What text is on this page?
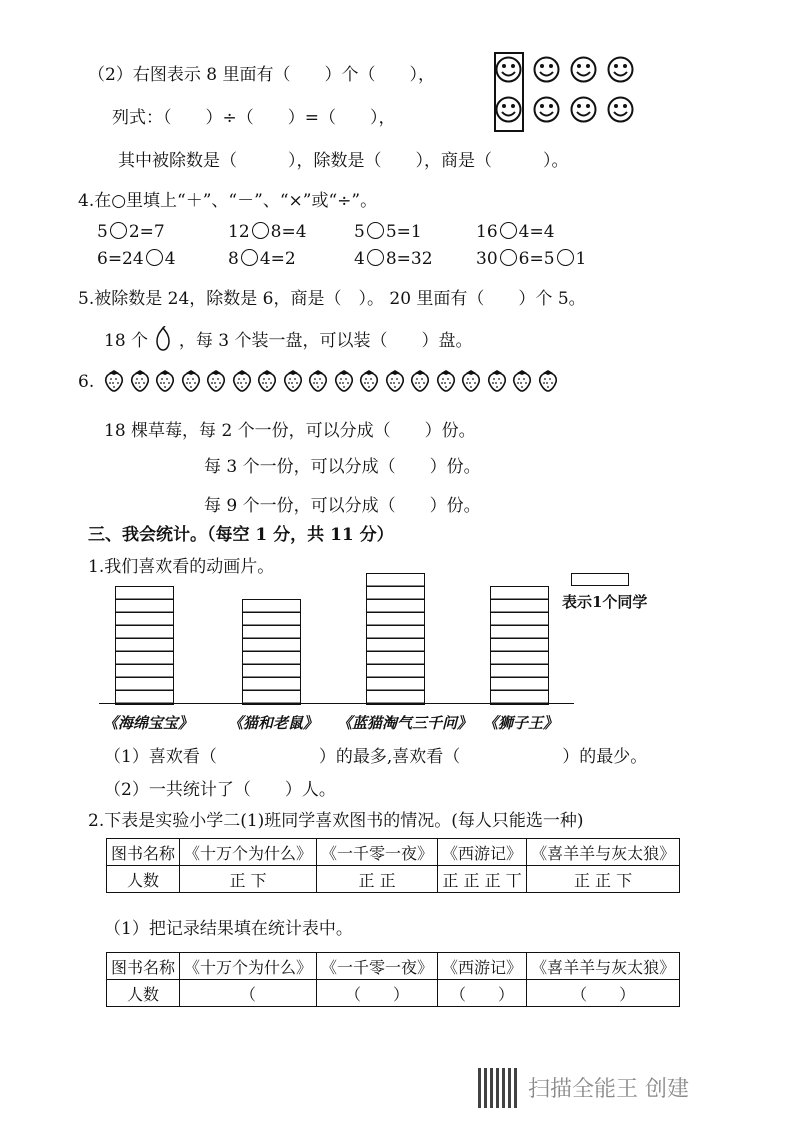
（2）右图表示 8 里面有（　　）个（　　），
列式：（　　）÷（　　）=（　　），
其中被除数是（　　　），除数是（　　），商是（　　　）。
4.在○里填上“＋”、“－”、“×”或“÷”。
5 2=7	12 8=4	5 5=1	16 4=4
6=24 4	8 4=2	4 8=32	30 6=5 1
5.被除数是 24，除数是 6，商是（　）。 20 里面有（　　）个 5。
18 个 ，每 3 个装一盘，可以装（　　）盘。
6.
18 棵草莓，每 2 个一份，可以分成（　　）份。
每 3 个一份，可以分成（　　）份。
每 9 个一份，可以分成（　　）份。
三、我会统计。（每空 1 分，共 11 分）
1.我们喜欢看的动画片。
表示1个同学
《海绵宝宝》 《猫和老鼠》 《蓝猫淘气三千问》 《狮子王》
（1）喜欢看（　　　　　　）的最多,喜欢看（　　　　　　）的最少。
（2）一共统计了（　　）人。
2.下表是实验小学二(1)班同学喜欢图书的情况。(每人只能选一种)
图书名称	《十万个为什么》	《一千零一夜》	《西游记》	《喜羊羊与灰太狼》
人数	正 下	正 正	正 正 正 丅	正 正 下
（1）把记录结果填在统计表中。
图书名称	《十万个为什么》	《一千零一夜》	《西游记》	《喜羊羊与灰太狼》
人数	（	（　　）	（　　）	（　　）
扫描全能王 创建
